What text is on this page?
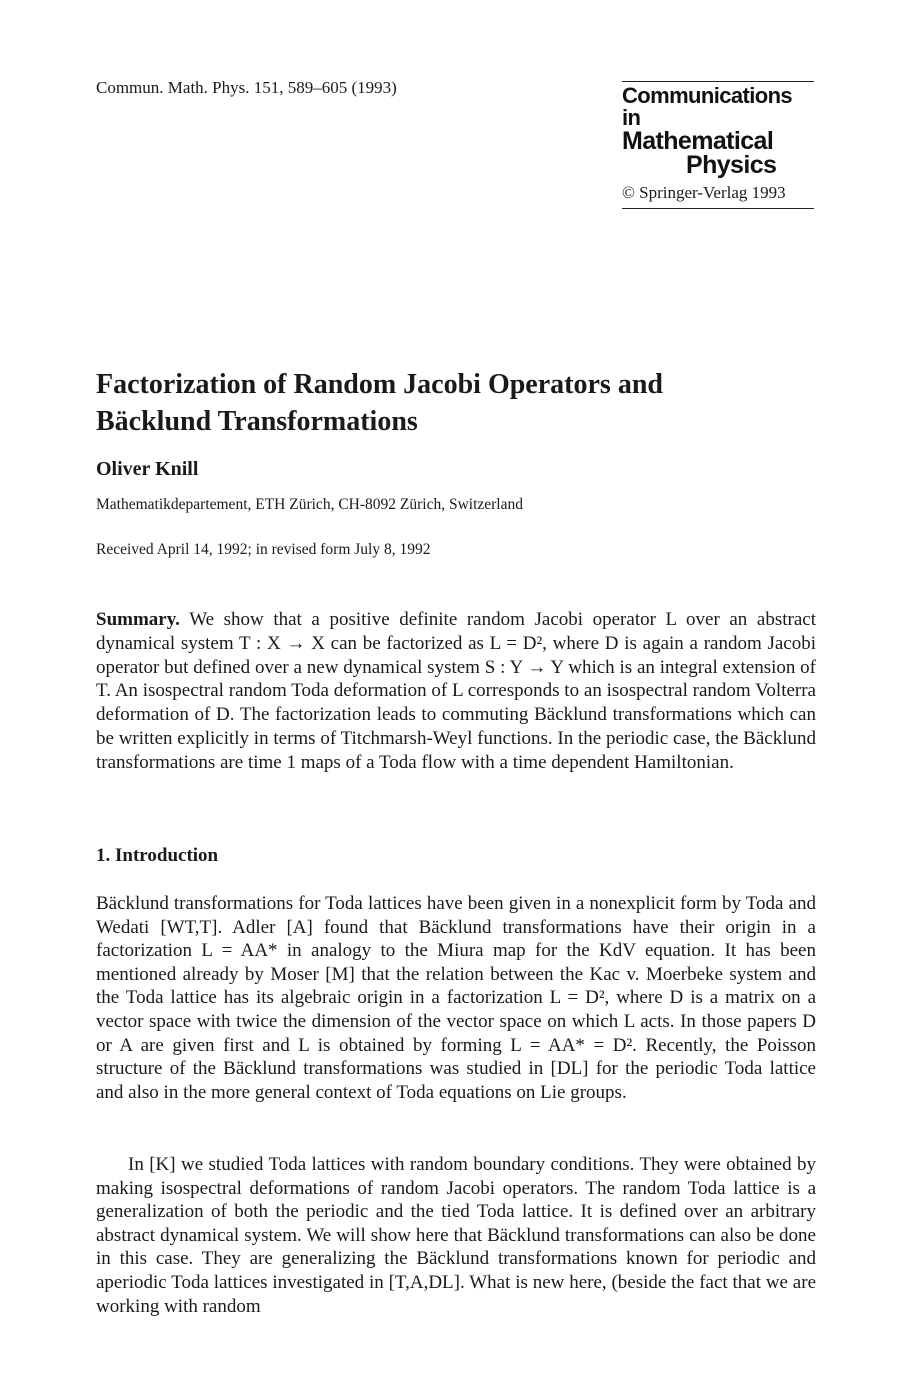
Commun. Math. Phys. 151, 589–605 (1993)	Communications in
Mathematical
Physics
© Springer-Verlag 1993
Factorization of Random Jacobi Operators and
Bäcklund Transformations
Oliver Knill
Mathematikdepartement, ETH Zürich, CH-8092 Zürich, Switzerland
Received April 14, 1992; in revised form July 8, 1992

Summary. We show that a positive definite random Jacobi operator L over an abstract dynamical system T : X → X can be factorized as L = D², where D is again a random Jacobi operator but defined over a new dynamical system S : Y → Y which is an integral extension of T. An isospectral random Toda deformation of L corresponds to an isospectral random Volterra deformation of D. The factorization leads to commuting Bäcklund transformations which can be written explicitly in terms of Titchmarsh-Weyl functions. In the periodic case, the Bäcklund transformations are time 1 maps of a Toda flow with a time dependent Hamiltonian.

1. Introduction

Bäcklund transformations for Toda lattices have been given in a nonexplicit form by Toda and Wedati [WT,T]. Adler [A] found that Bäcklund transformations have their origin in a factorization L = AA* in analogy to the Miura map for the KdV equation. It has been mentioned already by Moser [M] that the relation between the Kac v. Moerbeke system and the Toda lattice has its algebraic origin in a factorization L = D², where D is a matrix on a vector space with twice the dimension of the vector space on which L acts. In those papers D or A are given first and L is obtained by forming L = AA* = D². Recently, the Poisson structure of the Bäcklund transformations was studied in [DL] for the periodic Toda lattice and also in the more general context of Toda equations on Lie groups.

In [K] we studied Toda lattices with random boundary conditions. They were obtained by making isospectral deformations of random Jacobi operators. The random Toda lattice is a generalization of both the periodic and the tied Toda lattice. It is defined over an arbitrary abstract dynamical system. We will show here that Bäcklund transformations can also be done in this case. They are generalizing the Bäcklund transformations known for periodic and aperiodic Toda lattices investigated in [T,A,DL]. What is new here, (beside the fact that we are working with random
